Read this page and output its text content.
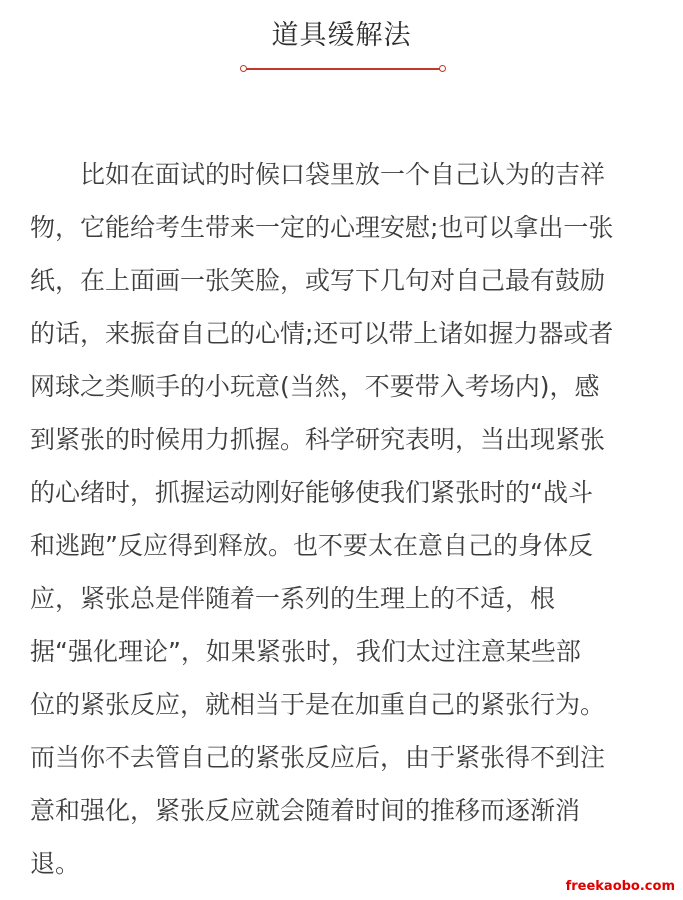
道具缓解法
　　比如在面试的时候口袋里放一个自己认为的吉祥
物，它能给考生带来一定的心理安慰;也可以拿出一张
纸，在上面画一张笑脸，或写下几句对自己最有鼓励
的话，来振奋自己的心情;还可以带上诸如握力器或者
网球之类顺手的小玩意(当然，不要带入考场内)，感
到紧张的时候用力抓握。科学研究表明，当出现紧张
的心绪时，抓握运动刚好能够使我们紧张时的“战斗
和逃跑”反应得到释放。也不要太在意自己的身体反
应，紧张总是伴随着一系列的生理上的不适，根
据“强化理论”，如果紧张时，我们太过注意某些部
位的紧张反应，就相当于是在加重自己的紧张行为。
而当你不去管自己的紧张反应后，由于紧张得不到注
意和强化，紧张反应就会随着时间的推移而逐渐消
退。
freekaobo.com
